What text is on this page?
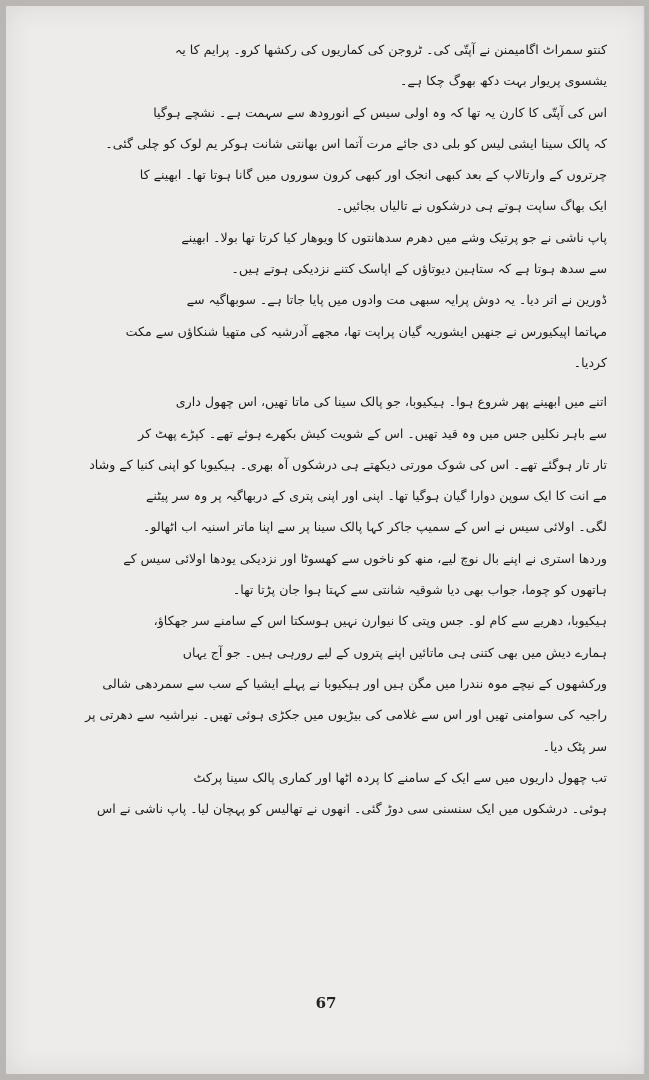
کنتو سمراٹ اگامیمنن نے آپتّی کی۔ ٹروجن کی کماریوں کی رکشھا کرو۔ پرایم کا یہ
یشسوی پریوار بہت دکھ بھوگ چکا ہے۔
اس کی آپتّی کا کارن یہ تھا کہ وہ اولی سیس کے انورودھ سے سہمت ہے۔ نشچے ہوگیا
کہ پالک سینا ایشی لیس کو بلی دی جائے مرت آتما اس بھانتی شانت ہوکر یم لوک کو چلی گئی۔
چرتروں کے وارتالاپ کے بعد کبھی انجک اور کبھی کرون سوروں میں گانا ہوتا تھا۔ ابھینے کا
ایک بھاگ ساپت ہوتے ہی درشکوں نے تالیاں بجائیں۔
پاپ ناشی نے جو پرتیک وشے میں دھرم سدھانتوں کا ویوھار کیا کرتا تھا بولا۔ ابھینے
سے سدھ ہوتا ہے کہ ستاہین دیوتاؤں کے اپاسک کتنے نزدیکی ہوتے ہیں۔
ڈورین نے اتر دیا۔ یہ دوش پرایہ سبھی مت وادوں میں پایا جاتا ہے۔ سوبھاگیہ سے
مہاتما اپیکیورس نے جنھیں ایشوریہ گیان پراپت تھا، مجھے آدرشیہ کی متھیا شنکاؤں سے مکت
کردیا۔
اتنے میں ابھینے پھر شروع ہوا۔ ہیکیوبا، جو پالک سینا کی ماتا تھیں، اس چھول داری
سے باہر نکلیں جس میں وہ قید تھیں۔ اس کے شویت کیش بکھرے ہوئے تھے۔ کپڑے پھٹ کر
تار تار ہوگئے تھے۔ اس کی شوک مورتی دیکھتے ہی درشکوں آہ بھری۔ ہیکیوبا کو اپنی کنیا کے وشاد
مے انت کا ایک سوپن دوارا گیان ہوگیا تھا۔ اپنی اور اپنی پتری کے دربھاگیہ پر وہ سر پیٹنے
لگی۔ اولائی سیس نے اس کے سمیپ جاکر کہا پالک سینا پر سے اپنا ماتر اسنیہ اب اٹھالو۔
وردھا استری نے اپنے بال نوچ لیے، منھ کو ناخوں سے کھسوٹا اور نزدیکی یودھا اولائی سیس کے
ہاتھوں کو چوما، جواب بھی دیا شوقیہ شانتی سے کہتا ہوا جان پڑتا تھا۔
ہیکیوبا، دھریے سے کام لو۔ جس وپتی کا نیوارن نہیں ہوسکتا اس کے سامنے سر جھکاؤ،
ہمارے دیش میں بھی کتنی ہی ماتائیں اپنے پتروں کے لیے رورہی ہیں۔ جو آج یہاں
ورکشھوں کے نیچے موہ نندرا میں مگن ہیں اور ہیکیوبا نے پہلے ایشیا کے سب سے سمردھی شالی
راجیہ کی سوامنی تھیں اور اس سے غلامی کی بیڑیوں میں جکڑی ہوئی تھیں۔ نیراشیہ سے دھرتی پر
سر پٹک دیا۔
تب چھول داریوں میں سے ایک کے سامنے کا پردہ اٹھا اور کماری پالک سینا پرکٹ
ہوئی۔ درشکوں میں ایک سنسنی سی دوڑ گئی۔ انھوں نے تھالیس کو پہچان لیا۔ پاپ ناشی نے اس
67
